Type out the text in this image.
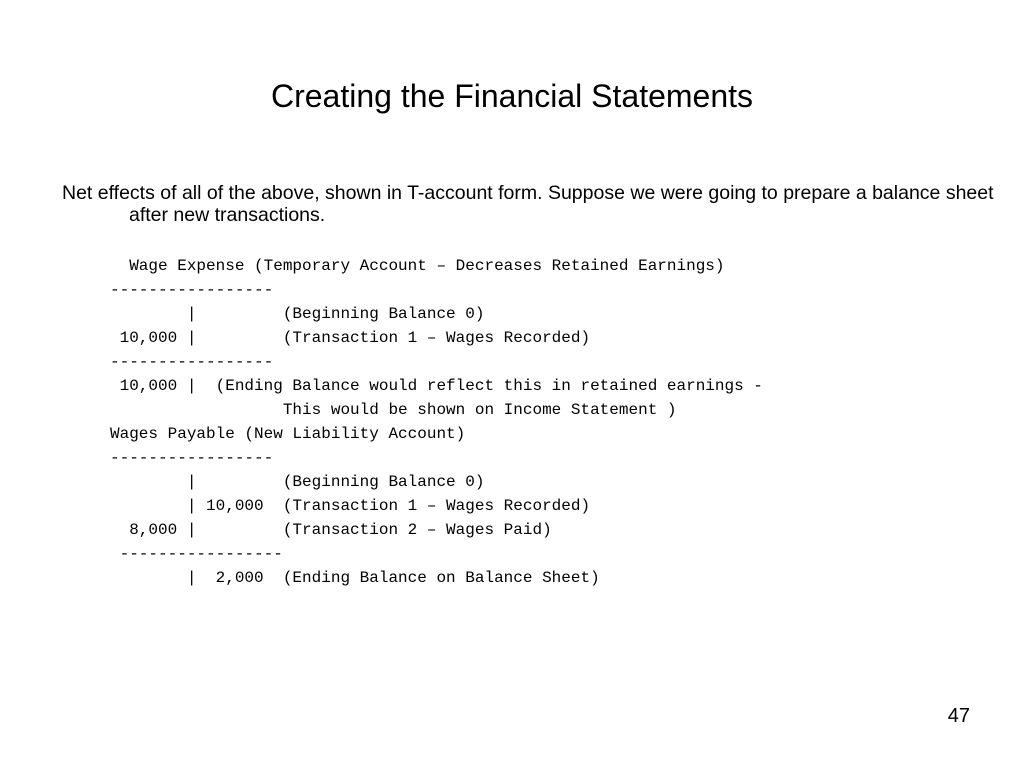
Creating the Financial Statements
Net effects of all of the above, shown in T-account form. Suppose we were going to prepare a balance sheet after new transactions.
Wage Expense (Temporary Account – Decreases Retained Earnings)
-----------------
|         (Beginning Balance 0)
10,000 |         (Transaction 1 – Wages Recorded)
-----------------
10,000 |  (Ending Balance would reflect this in retained earnings -
This would be shown on Income Statement )
Wages Payable (New Liability Account)
-----------------
|         (Beginning Balance 0)
| 10,000  (Transaction 1 – Wages Recorded)
8,000 |         (Transaction 2 – Wages Paid)
-----------------
|  2,000  (Ending Balance on Balance Sheet)
47
